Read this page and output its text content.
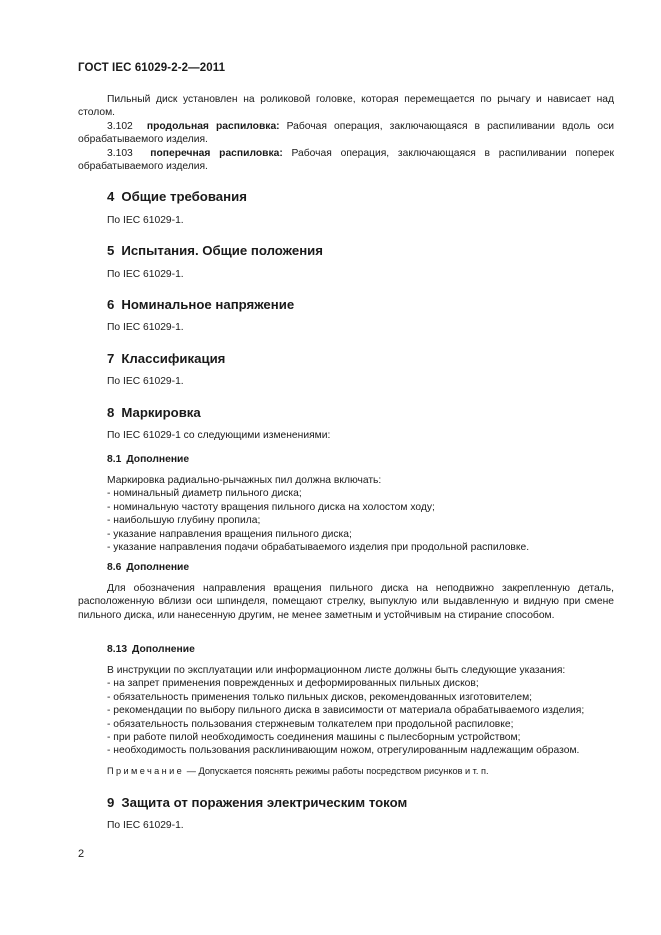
ГОСТ IEC 61029-2-2—2011
Пильный диск установлен на роликовой головке, которая перемещается по рычагу и нависает над столом.
3.102 продольная распиловка: Рабочая операция, заключающаяся в распиливании вдоль оси обрабатываемого изделия.
3.103 поперечная распиловка: Рабочая операция, заключающаяся в распиливании поперек обрабатываемого изделия.
4 Общие требования
По IEC 61029-1.
5 Испытания. Общие положения
По IEC 61029-1.
6 Номинальное напряжение
По IEC 61029-1.
7 Классификация
По IEC 61029-1.
8 Маркировка
По IEC 61029-1 со следующими изменениями:
8.1 Дополнение
Маркировка радиально-рычажных пил должна включать:
- номинальный диаметр пильного диска;
- номинальную частоту вращения пильного диска на холостом ходу;
- наибольшую глубину пропила;
- указание направления вращения пильного диска;
- указание направления подачи обрабатываемого изделия при продольной распиловке.
8.6 Дополнение
Для обозначения направления вращения пильного диска на неподвижно закрепленную деталь, расположенную вблизи оси шпинделя, помещают стрелку, выпуклую или выдавленную и видную при смене пильного диска, или нанесенную другим, не менее заметным и устойчивым на стирание способом.
8.13 Дополнение
В инструкции по эксплуатации или информационном листе должны быть следующие указания:
- на запрет применения поврежденных и деформированных пильных дисков;
- обязательность применения только пильных дисков, рекомендованных изготовителем;
- рекомендации по выбору пильного диска в зависимости от материала обрабатываемого изделия;
- обязательность пользования стержневым толкателем при продольной распиловке;
- при работе пилой необходимость соединения машины с пылесборным устройством;
- необходимость пользования расклинивающим ножом, отрегулированным надлежащим образом.
Примечание — Допускается пояснять режимы работы посредством рисунков и т. п.
9 Защита от поражения электрическим током
По IEC 61029-1.
2
